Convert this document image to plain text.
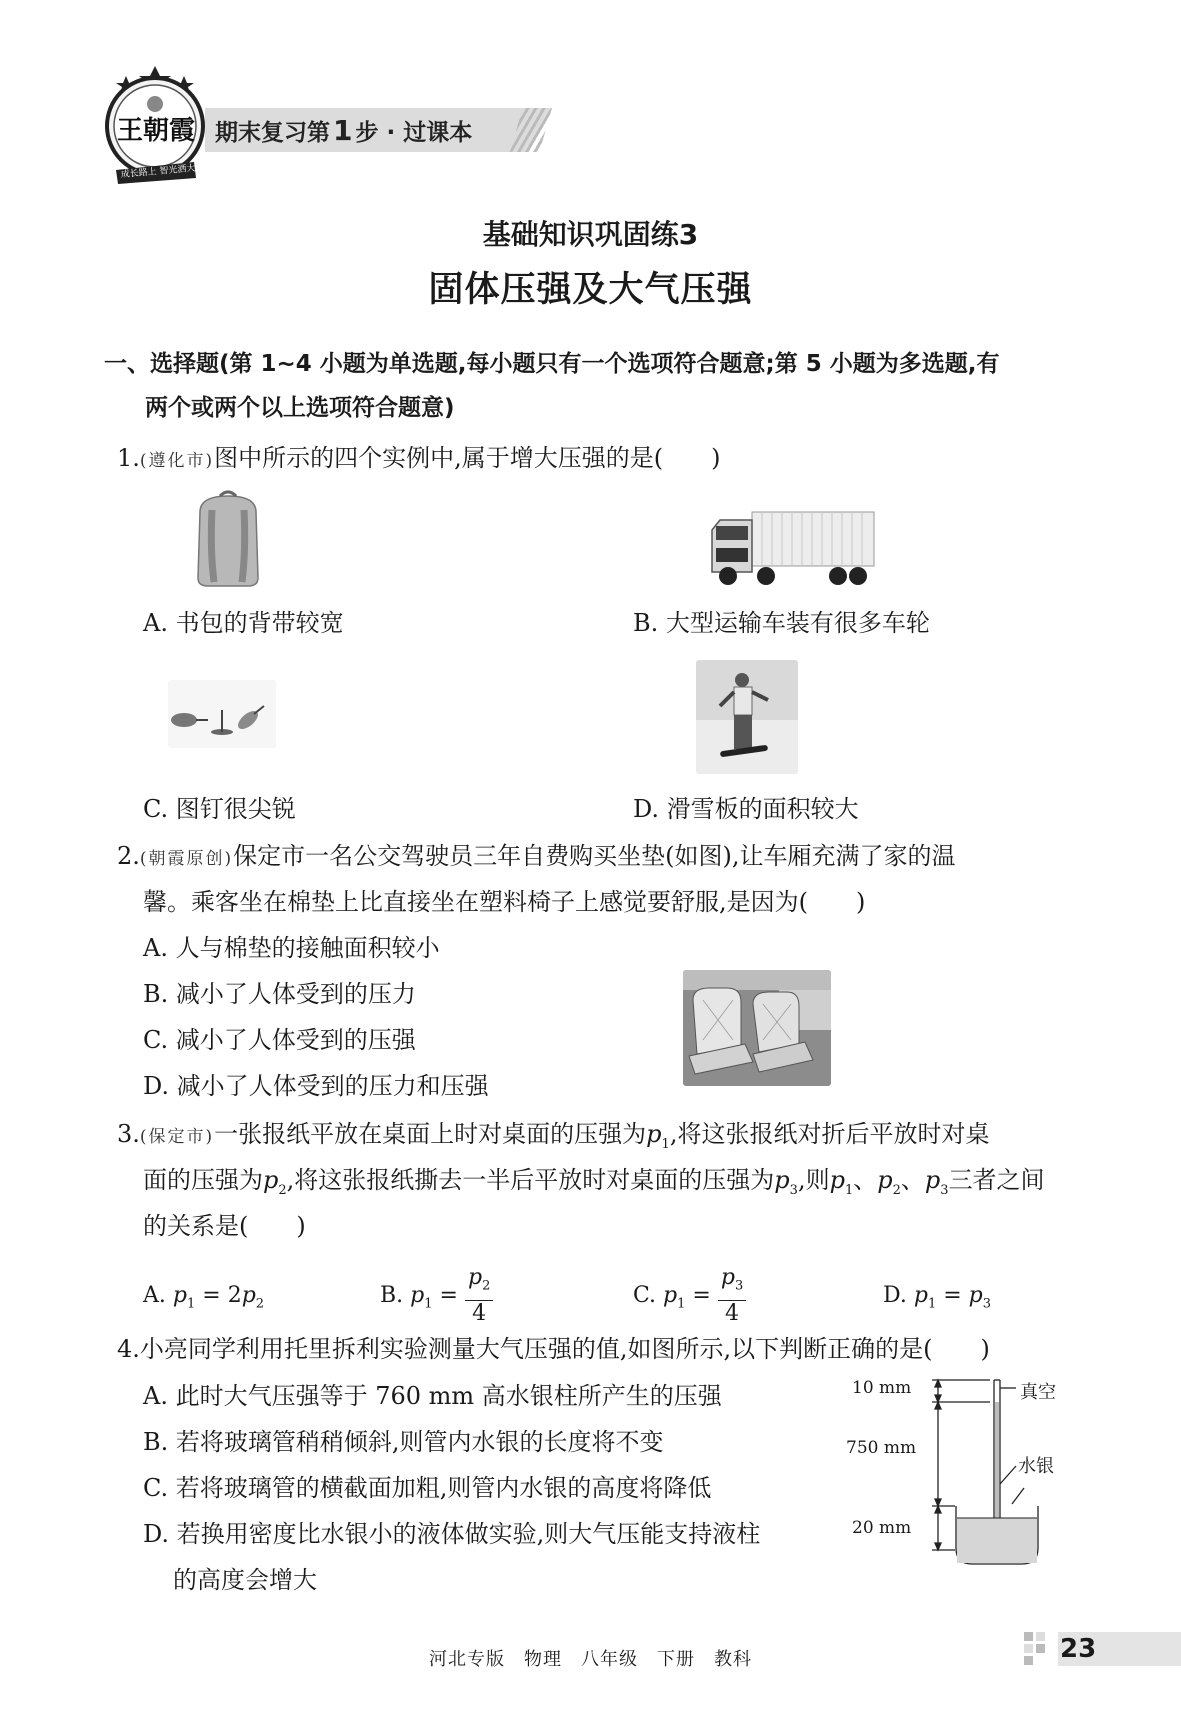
王朝霞
成长路上 智光洒大
期末复习第 1 步 · 过课本
基础知识巩固练3
固体压强及大气压强
一、选择题(第 1~4 小题为单选题,每小题只有一个选项符合题意;第 5 小题为多选题,有
两个或两个以上选项符合题意)
1.(遵化市)图中所示的四个实例中,属于增大压强的是(　　)
A. 书包的背带较宽	B. 大型运输车装有很多车轮
C. 图钉很尖锐	D. 滑雪板的面积较大
2.(朝霞原创)保定市一名公交驾驶员三年自费购买坐垫(如图),让车厢充满了家的温
馨。乘客坐在棉垫上比直接坐在塑料椅子上感觉要舒服,是因为(　　)
A. 人与棉垫的接触面积较小
B. 减小了人体受到的压力
C. 减小了人体受到的压强
D. 减小了人体受到的压力和压强
3.(保定市)一张报纸平放在桌面上时对桌面的压强为$p_1$,将这张报纸对折后平放时对桌
面的压强为$p_2$,将这张报纸撕去一半后平放时对桌面的压强为$p_3$,则$p_1$、$p_2$、$p_3$三者之间
的关系是(　　)
A. $p_1 = 2p_2$	B. $p_1 = \frac{p_2}{4}$	C. $p_1 = \frac{p_3}{4}$	D. $p_1 = p_3$
4.小亮同学利用托里拆利实验测量大气压强的值,如图所示,以下判断正确的是(　　)
A. 此时大气压强等于 760 mm 高水银柱所产生的压强
B. 若将玻璃管稍稍倾斜,则管内水银的长度将不变
C. 若将玻璃管的横截面加粗,则管内水银的高度将降低
D. 若换用密度比水银小的液体做实验,则大气压能支持液柱
的高度会增大
10 mm
750 mm
20 mm
真空
水银
河北专版　物理　八年级　下册　教科	23
